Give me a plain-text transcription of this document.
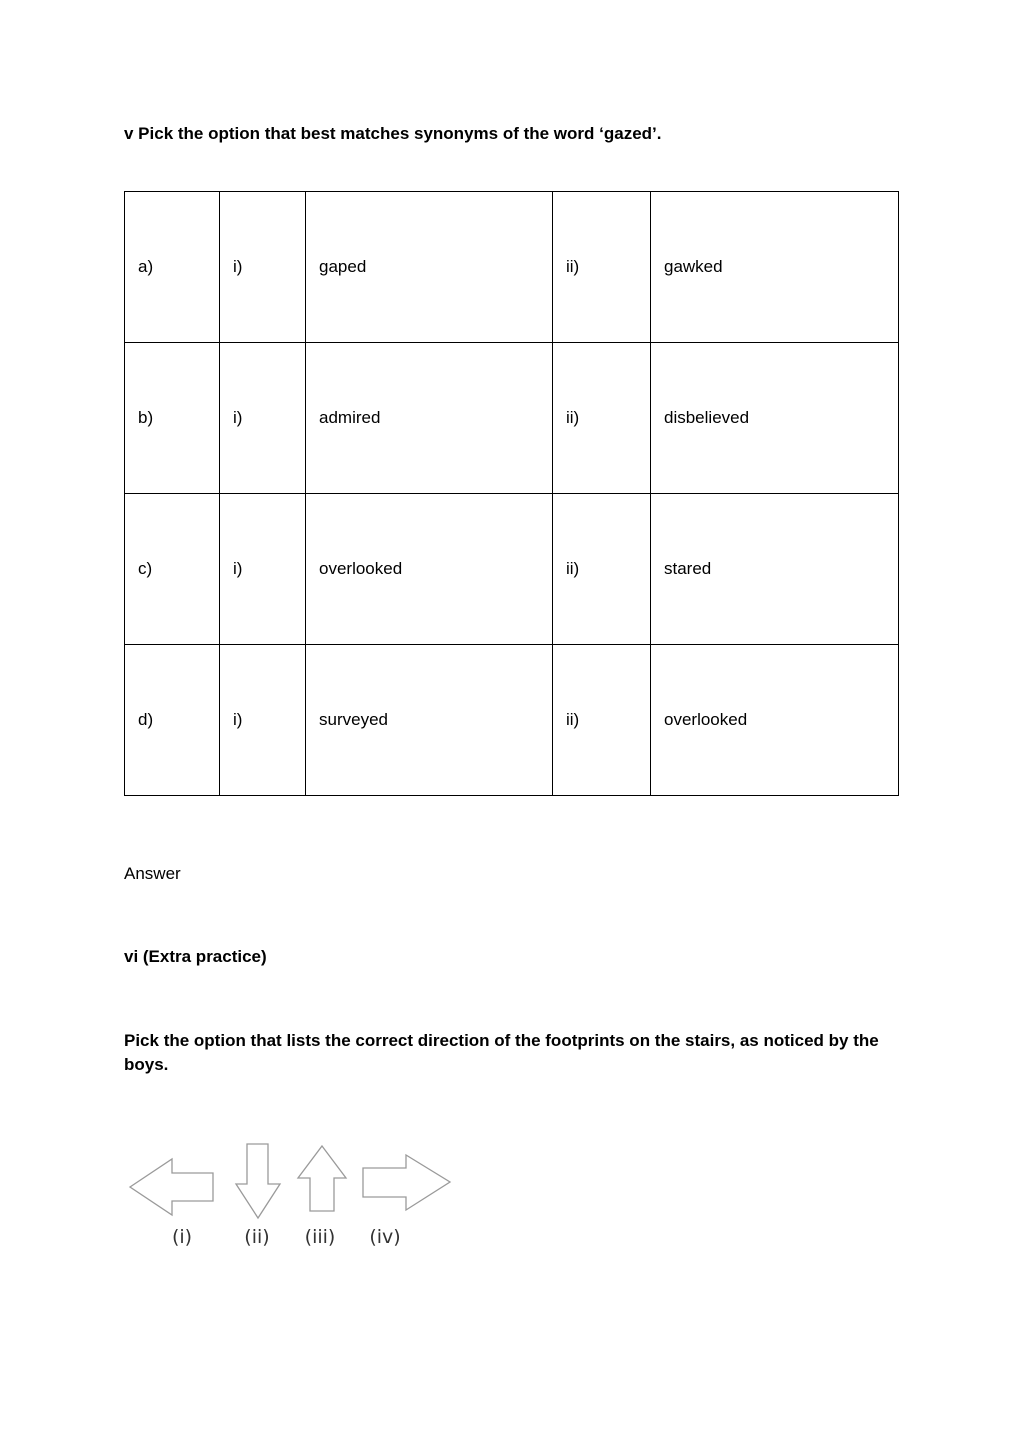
v Pick the option that best matches synonyms of the word ‘gazed’.

a)	i)	gaped	ii)	gawked
b)	i)	admired	ii)	disbelieved
c)	i)	overlooked	ii)	stared
d)	i)	surveyed	ii)	overlooked

Answer

vi (Extra practice)

Pick the option that lists the correct direction of the footprints on the stairs, as noticed by the boys.

(i)	(ii) (iii) (iv)
